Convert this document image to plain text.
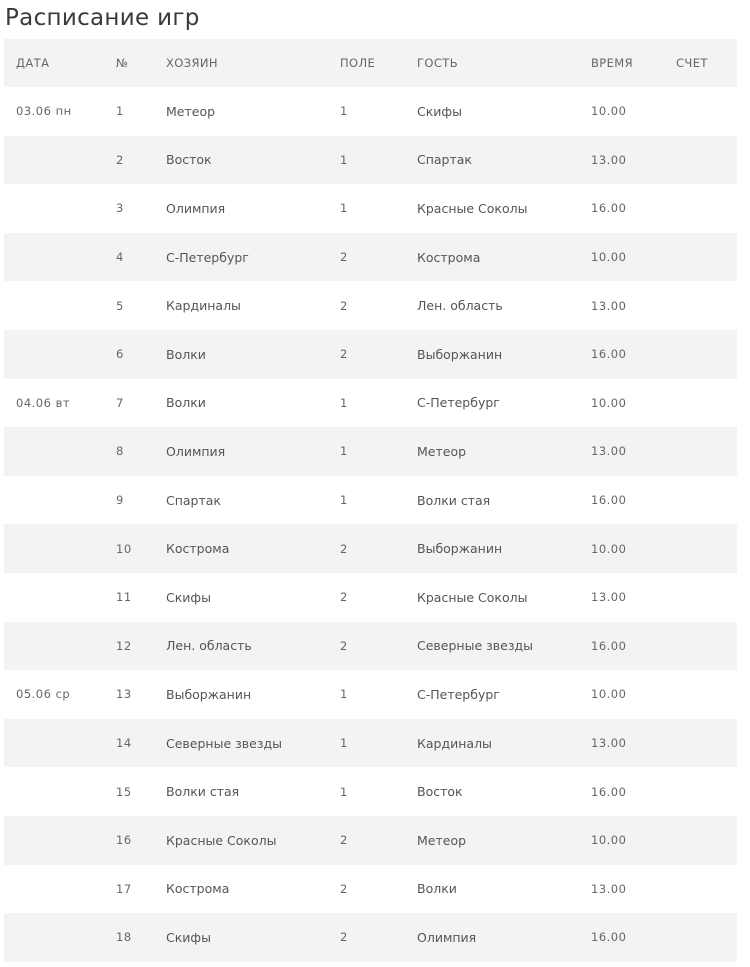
Расписание игр
ДАТА	№	ХОЗЯИН	ПОЛЕ	ГОСТЬ	ВРЕМЯ	СЧЕТ
03.06 пн	1	Метеор	1	Скифы	10.00	
	2	Восток	1	Спартак	13.00	
	3	Олимпия	1	Красные Соколы	16.00	
	4	С-Петербург	2	Кострома	10.00	
	5	Кардиналы	2	Лен. область	13.00	
	6	Волки	2	Выборжанин	16.00	
04.06 вт	7	Волки	1	С-Петербург	10.00	
	8	Олимпия	1	Метеор	13.00	
	9	Спартак	1	Волки стая	16.00	
	10	Кострома	2	Выборжанин	10.00	
	11	Скифы	2	Красные Соколы	13.00	
	12	Лен. область	2	Северные звезды	16.00	
05.06 ср	13	Выборжанин	1	С-Петербург	10.00	
	14	Северные звезды	1	Кардиналы	13.00	
	15	Волки стая	1	Восток	16.00	
	16	Красные Соколы	2	Метеор	10.00	
	17	Кострома	2	Волки	13.00	
	18	Скифы	2	Олимпия	16.00	
